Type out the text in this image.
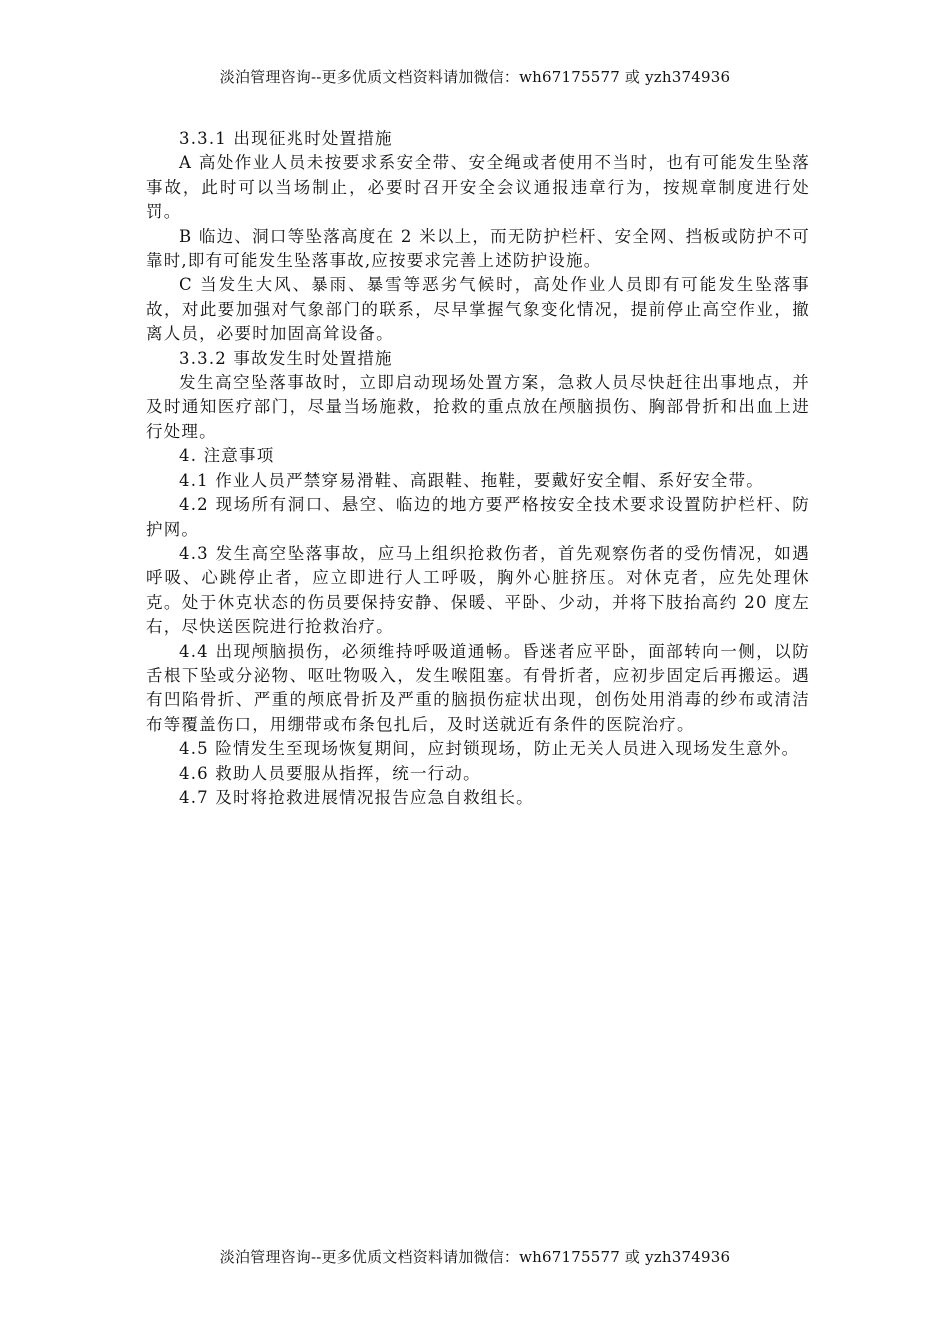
淡泊管理咨询--更多优质文档资料请加微信：wh67175577 或 yzh374936

3.3.1 出现征兆时处置措施

A 高处作业人员未按要求系安全带、安全绳或者使用不当时，也有可能发生坠落事故，此时可以当场制止，必要时召开安全会议通报违章行为，按规章制度进行处罚。

B 临边、洞口等坠落高度在 2 米以上，而无防护栏杆、安全网、挡板或防护不可靠时,即有可能发生坠落事故,应按要求完善上述防护设施。

C 当发生大风、暴雨、暴雪等恶劣气候时，高处作业人员即有可能发生坠落事故，对此要加强对气象部门的联系，尽早掌握气象变化情况，提前停止高空作业，撤离人员，必要时加固高耸设备。

3.3.2 事故发生时处置措施

发生高空坠落事故时，立即启动现场处置方案，急救人员尽快赶往出事地点，并及时通知医疗部门，尽量当场施救，抢救的重点放在颅脑损伤、胸部骨折和出血上进行处理。

4. 注意事项

4.1 作业人员严禁穿易滑鞋、高跟鞋、拖鞋，要戴好安全帽、系好安全带。

4.2 现场所有洞口、悬空、临边的地方要严格按安全技术要求设置防护栏杆、防护网。

4.3 发生高空坠落事故，应马上组织抢救伤者，首先观察伤者的受伤情况，如遇呼吸、心跳停止者，应立即进行人工呼吸，胸外心脏挤压。对休克者，应先处理休克。处于休克状态的伤员要保持安静、保暖、平卧、少动，并将下肢抬高约 20 度左右，尽快送医院进行抢救治疗。

4.4 出现颅脑损伤，必须维持呼吸道通畅。昏迷者应平卧，面部转向一侧，以防舌根下坠或分泌物、呕吐物吸入，发生喉阻塞。有骨折者，应初步固定后再搬运。遇有凹陷骨折、严重的颅底骨折及严重的脑损伤症状出现，创伤处用消毒的纱布或清洁布等覆盖伤口，用绷带或布条包扎后，及时送就近有条件的医院治疗。

4.5 险情发生至现场恢复期间，应封锁现场，防止无关人员进入现场发生意外。

4.6 救助人员要服从指挥，统一行动。

4.7 及时将抢救进展情况报告应急自救组长。

淡泊管理咨询--更多优质文档资料请加微信：wh67175577 或 yzh374936
